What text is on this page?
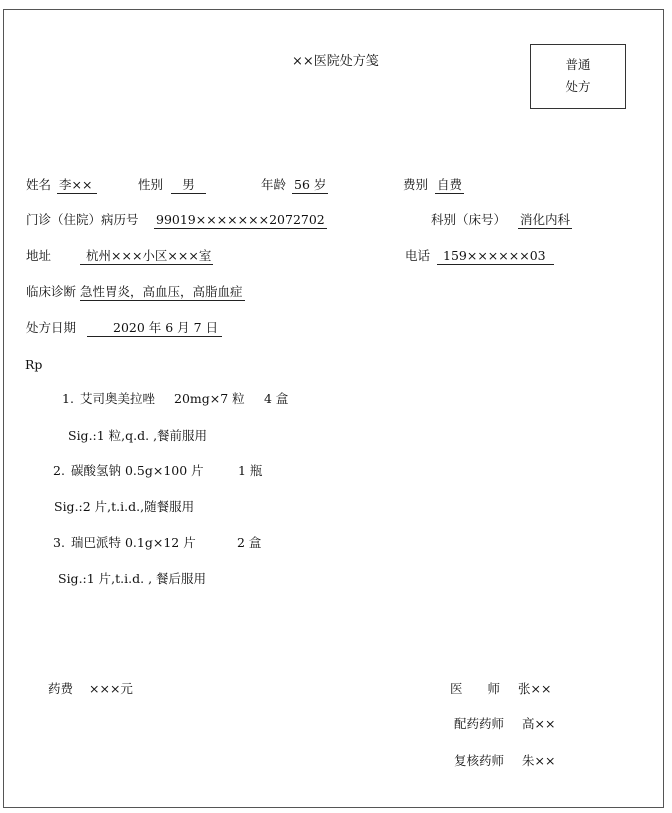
××医院处方笺	普通
处方
姓名 李××	性别	男	年龄 56 岁	费别 自费
门诊（住院）病历号 99019×××××××2072702	科别（床号） 消化内科
地址	杭州×××小区×××室	电话	159××××××03
临床诊断 急性胃炎，高血压，高脂血症
处方日期	2020 年 6 月 7 日
Rp
1. 艾司奥美拉唑 20mg×7 粒 4 盒
Sig.:1 粒,q.d. ,餐前服用
2. 碳酸氢钠 0.5g×100 片	1 瓶
Sig.:2 片,t.i.d.,随餐服用
3. 瑞巴派特 0.1g×12 片	2 盒
Sig.:1 片,t.i.d. , 餐后服用
药费 ×××元	医　　师 张××
配药药师 高××
复核药师 朱××
